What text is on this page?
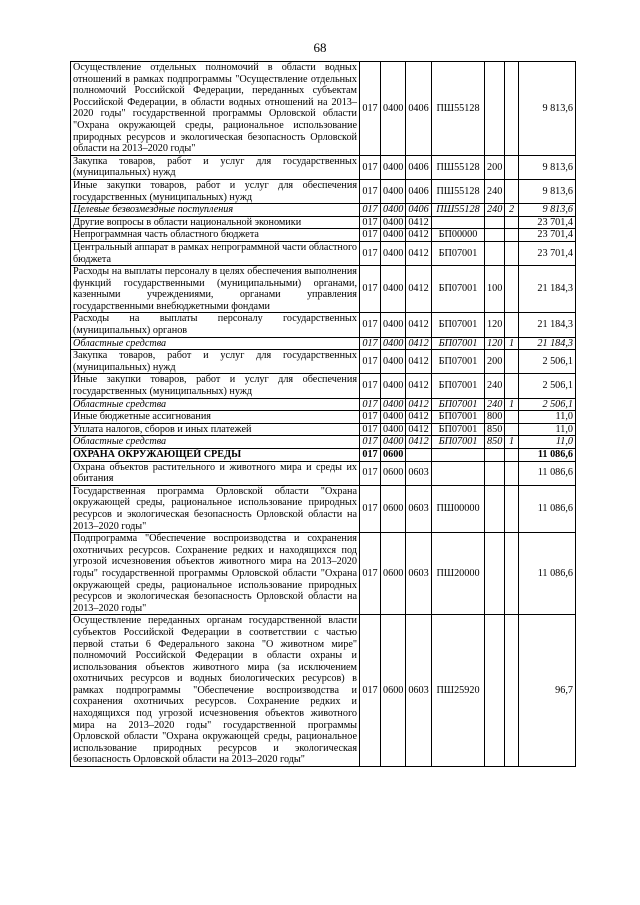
68
Осуществление отдельных полномочий в области водных отношений в рамках подпрограммы "Осуществление отдельных полномочий Российской Федерации, переданных субъектам Российской Федерации, в области водных отношений на 2013–2020 годы" государственной программы Орловской области "Охрана окружающей среды, рациональное использование природных ресурсов и экологическая безопасность Орловской области на 2013–2020 годы"	017	0400	0406	ПШ55128			9 813,6
Закупка товаров, работ и услуг для государственных (муниципальных) нужд	017	0400	0406	ПШ55128	200		9 813,6
Иные закупки товаров, работ и услуг для обеспечения государственных (муниципальных) нужд	017	0400	0406	ПШ55128	240		9 813,6
Целевые безвозмездные поступления	017	0400	0406	ПШ55128	240	2	9 813,6
Другие вопросы в области национальной экономики	017	0400	0412				23 701,4
Непрограммная часть областного бюджета	017	0400	0412	БП00000			23 701,4
Центральный аппарат в рамках непрограммной части областного бюджета	017	0400	0412	БП07001			23 701,4
Расходы на выплаты персоналу в целях обеспечения выполнения функций государственными (муниципальными) органами, казенными учреждениями, органами управления государственными внебюджетными фондами	017	0400	0412	БП07001	100		21 184,3
Расходы на выплаты персоналу государственных (муниципальных) органов	017	0400	0412	БП07001	120		21 184,3
Областные средства	017	0400	0412	БП07001	120	1	21 184,3
Закупка товаров, работ и услуг для государственных (муниципальных) нужд	017	0400	0412	БП07001	200		2 506,1
Иные закупки товаров, работ и услуг для обеспечения государственных (муниципальных) нужд	017	0400	0412	БП07001	240		2 506,1
Областные средства	017	0400	0412	БП07001	240	1	2 506,1
Иные бюджетные ассигнования	017	0400	0412	БП07001	800		11,0
Уплата налогов, сборов и иных платежей	017	0400	0412	БП07001	850		11,0
Областные средства	017	0400	0412	БП07001	850	1	11,0
ОХРАНА ОКРУЖАЮЩЕЙ СРЕДЫ	017	0600					11 086,6
Охрана объектов растительного и животного мира и среды их обитания	017	0600	0603				11 086,6
Государственная программа Орловской области "Охрана окружающей среды, рациональное использование природных ресурсов и экологическая безопасность Орловской области на 2013–2020 годы"	017	0600	0603	ПШ00000			11 086,6
Подпрограмма "Обеспечение воспроизводства и сохранения охотничьих ресурсов. Сохранение редких и находящихся под угрозой исчезновения объектов животного мира на 2013–2020 годы" государственной программы Орловской области "Охрана окружающей среды, рациональное использование природных ресурсов и экологическая безопасность Орловской области на 2013–2020 годы"	017	0600	0603	ПШ20000			11 086,6
Осуществление переданных органам государственной власти субъектов Российской Федерации в соответствии с частью первой статьи 6 Федерального закона "О животном мире" полномочий Российской Федерации в области охраны и использования объектов животного мира (за исключением охотничьих ресурсов и водных биологических ресурсов) в рамках подпрограммы "Обеспечение воспроизводства и сохранения охотничьих ресурсов. Сохранение редких и находящихся под угрозой исчезновения объектов животного мира на 2013–2020 годы" государственной программы Орловской области "Охрана окружающей среды, рациональное использование природных ресурсов и экологическая безопасность Орловской области на 2013–2020 годы"	017	0600	0603	ПШ25920			96,7
